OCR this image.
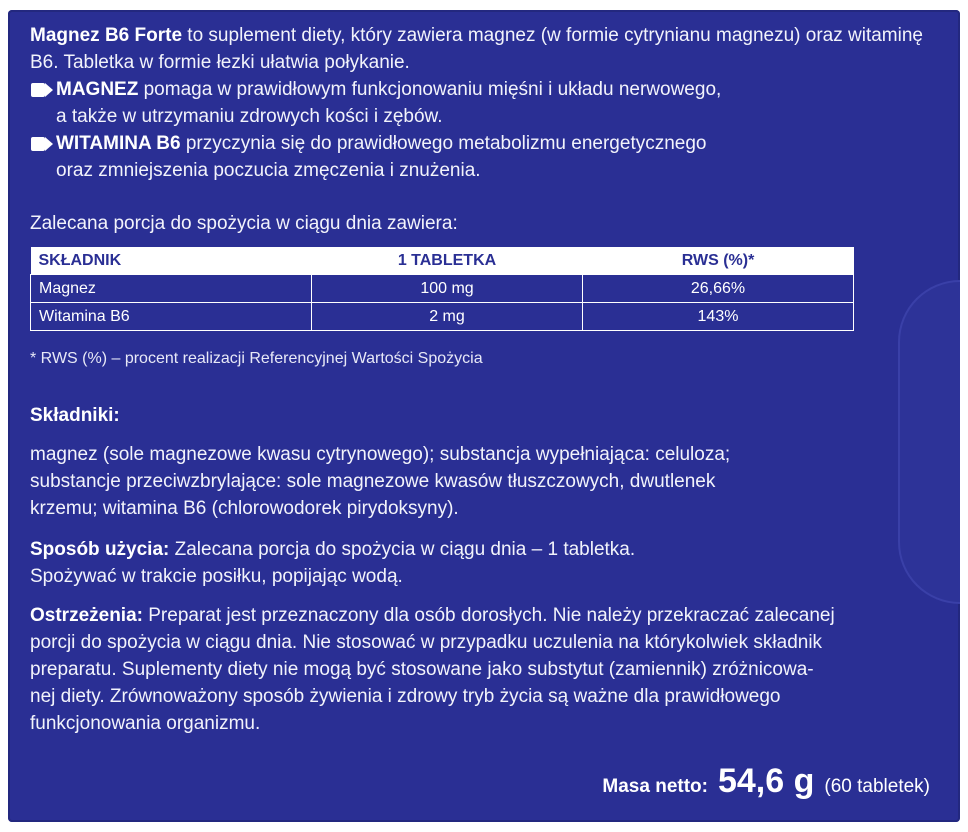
Magnez B6 Forte to suplement diety, który zawiera magnez (w formie cytrynianu magnezu) oraz witaminę B6. Tabletka w formie łezki ułatwia połykanie.

MAGNEZ pomaga w prawidłowym funkcjonowaniu mięśni i układu nerwowego,

a także w utrzymaniu zdrowych kości i zębów.

WITAMINA B6 przyczynia się do prawidłowego metabolizmu energetycznego

oraz zmniejszenia poczucia zmęczenia i znużenia.

Zalecana porcja do spożycia w ciągu dnia zawiera:

SKŁADNIK	1 TABLETKA	RWS (%)*
Magnez	100 mg	26,66%
Witamina B6	2 mg	143%

* RWS (%) – procent realizacji Referencyjnej Wartości Spożycia

Składniki:

magnez (sole magnezowe kwasu cytrynowego); substancja wypełniająca: celuloza;

substancje przeciwzbrylające: sole magnezowe kwasów tłuszczowych, dwutlenek

krzemu; witamina B6 (chlorowodorek pirydoksyny).

Sposób użycia: Zalecana porcja do spożycia w ciągu dnia – 1 tabletka.

Spożywać w trakcie posiłku, popijając wodą.

Ostrzeżenia: Preparat jest przeznaczony dla osób dorosłych. Nie należy przekraczać zalecanej

porcji do spożycia w ciągu dnia. Nie stosować w przypadku uczulenia na którykolwiek składnik

preparatu. Suplementy diety nie mogą być stosowane jako substytut (zamiennik) zróżnicowa-

nej diety. Zrównoważony sposób żywienia i zdrowy tryb życia są ważne dla prawidłowego

funkcjonowania organizmu.

Masa netto: 54,6 g (60 tabletek)
